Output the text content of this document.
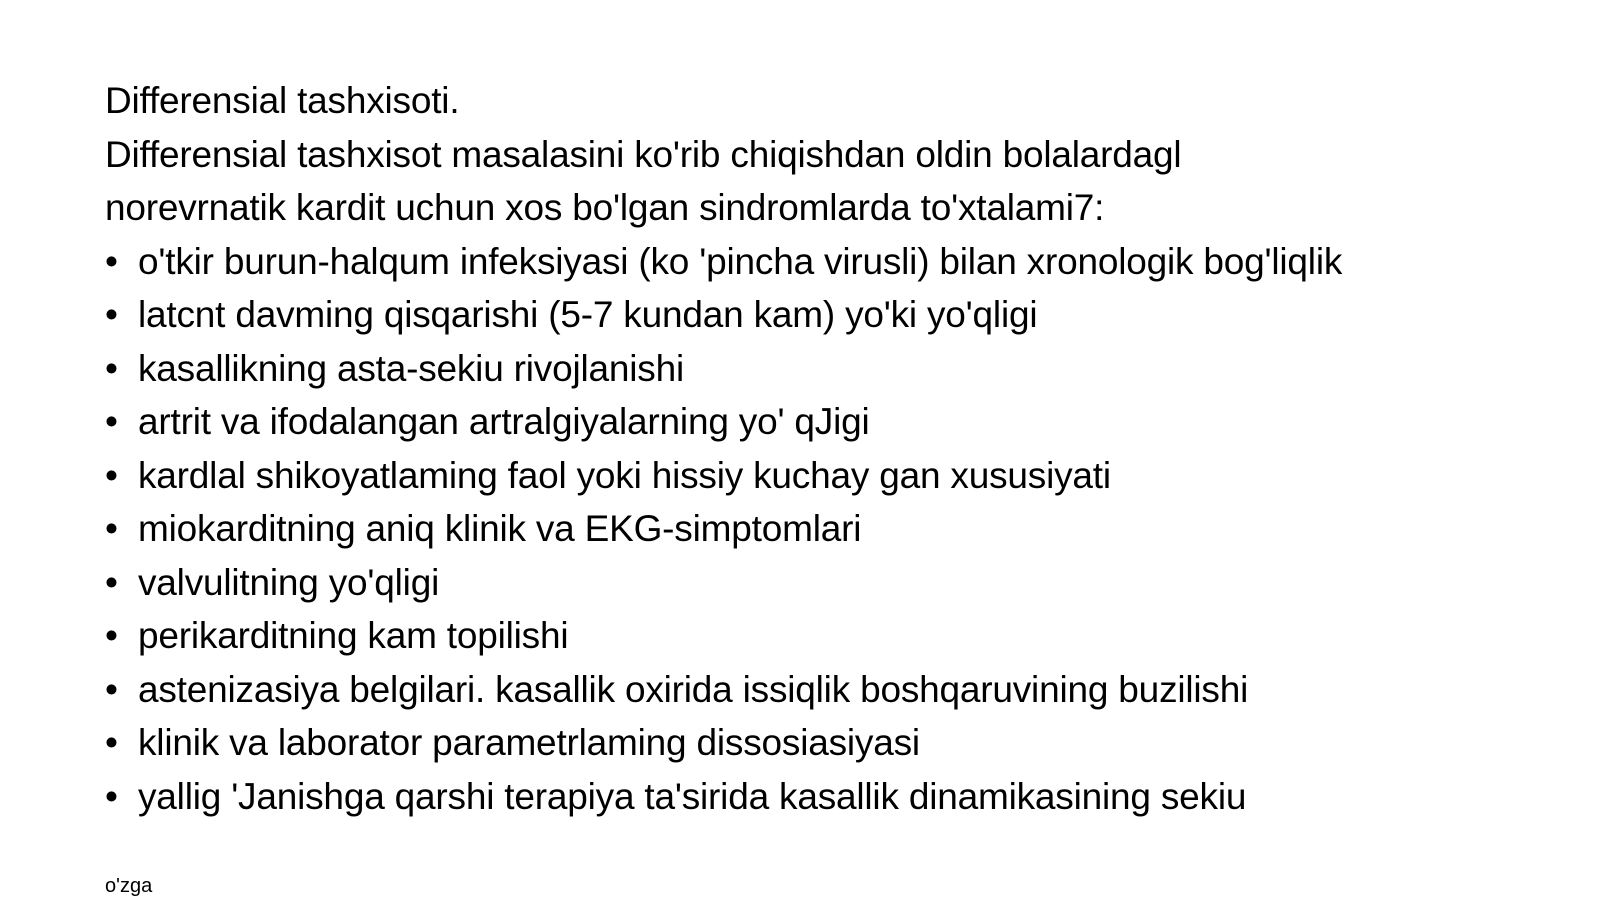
Differensial tashxisoti.

Differensial tashxisot masalasini ko'rib chiqishdan oldin bolalardagl

norevrnatik kardit uchun xos bo'lgan sindromlarda to'xtalami7:

• o'tkir burun-halqum infeksiyasi (ko 'pincha virusli) bilan xronologik bog'liqlik
• latcnt davming qisqarishi (5-7 kundan kam) yo'ki yo'qligi
• kasallikning asta-sekiu rivojlanishi
• artrit va ifodalangan artralgiyalarning yo' qJigi
• kardlal shikoyatlaming faol yoki hissiy kuchay gan xususiyati
• miokarditning aniq klinik va EKG-simptomlari
• valvulitning yo'qligi
• perikarditning kam topilishi
• astenizasiya belgilari. kasallik oxirida issiqlik boshqaruvining buzilishi
• klinik va laborator parametrlaming dissosiasiyasi
• yallig 'Janishga qarshi terapiya ta'sirida kasallik dinamikasining sekiu
o'zga
